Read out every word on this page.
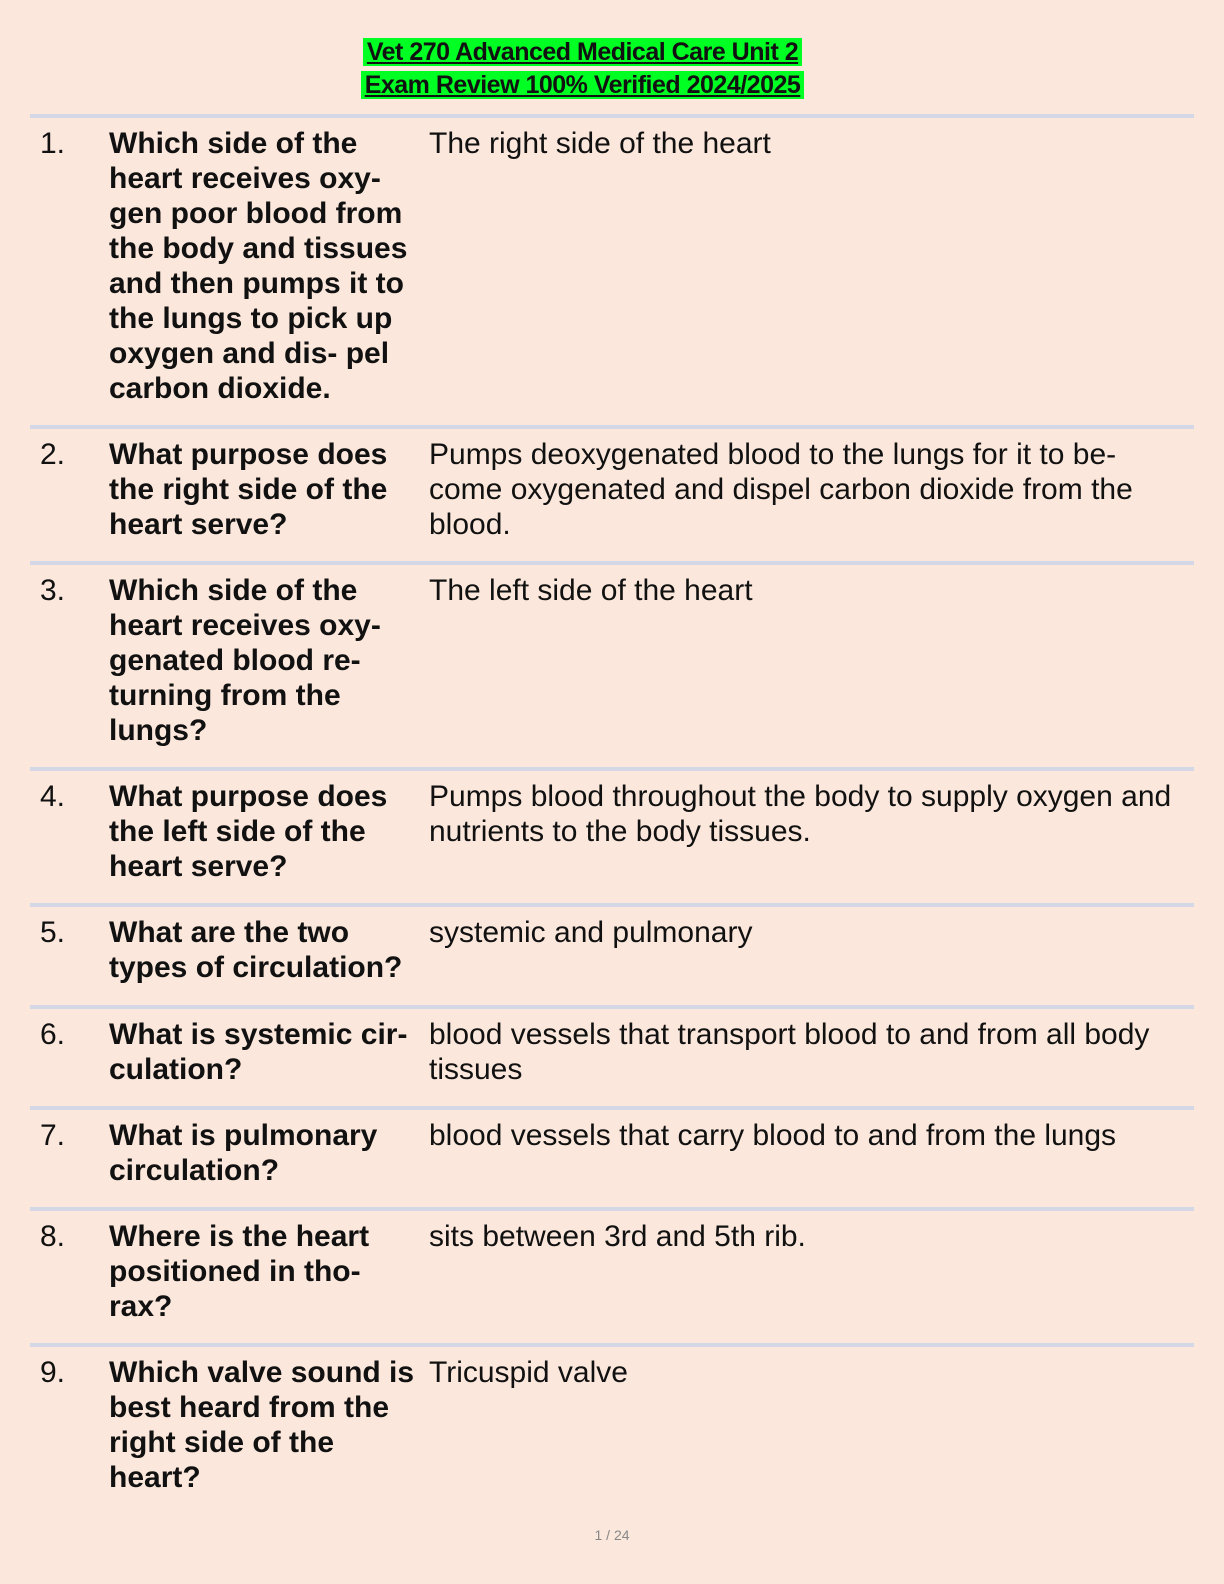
Vet 270 Advanced Medical Care Unit 2
Exam Review 100% Verified 2024/2025
1. Which side of the heart receives oxy- gen poor blood from the body and tissues and then pumps it to the lungs to pick up oxygen and dis- pel carbon dioxide.
The right side of the heart
2. What purpose does the right side of the heart serve?
Pumps deoxygenated blood to the lungs for it to be- come oxygenated and dispel carbon dioxide from the blood.
3. Which side of the heart receives oxy- genated blood re- turning from the lungs?
The left side of the heart
4. What purpose does the left side of the heart serve?
Pumps blood throughout the body to supply oxygen and nutrients to the body tissues.
5. What are the two types of circulation?
systemic and pulmonary
6. What is systemic cir- culation?
blood vessels that transport blood to and from all body tissues
7. What is pulmonary circulation?
blood vessels that carry blood to and from the lungs
8. Where is the heart positioned in tho- rax?
sits between 3rd and 5th rib.
9. Which valve sound is best heard from the right side of the heart?
Tricuspid valve
1 / 24
